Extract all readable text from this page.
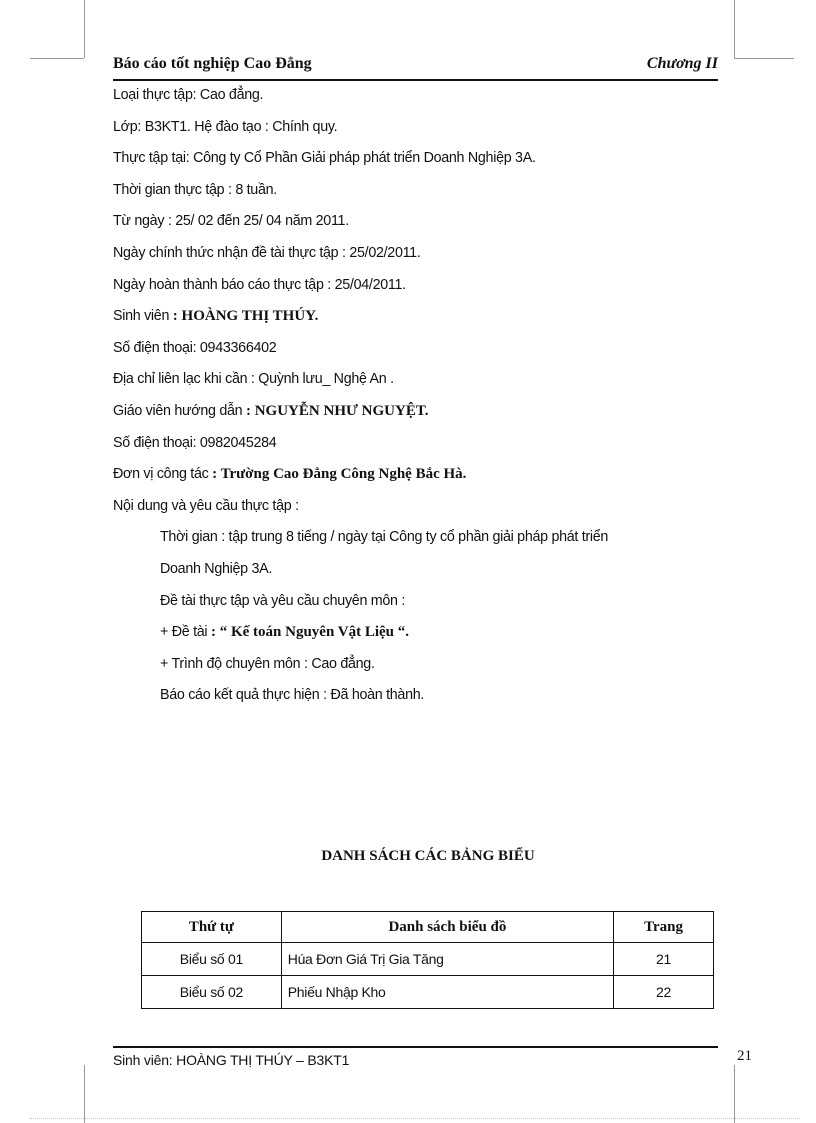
Báo cáo tốt nghiệp Cao Đẳng	Chương II
Loại thực tập: Cao đẳng.
Lớp: B3KT1. Hệ đào tạo : Chính quy.
Thực tập tại: Công ty Cổ Phần Giải pháp phát triển Doanh Nghiệp 3A.
Thời gian thực tập : 8 tuần.
Từ ngày : 25/ 02 đến 25/ 04 năm 2011.
Ngày chính thức nhận đề tài thực tập : 25/02/2011.
Ngày hoàn thành báo cáo thực tập : 25/04/2011.
Sinh viên : HOÀNG THỊ THÚY.
Số điện thoại: 0943366402
Địa chỉ liên lạc khi cần : Quỳnh lưu_ Nghệ An .
Giáo viên hướng dẫn : NGUYỄN NHƯ NGUYỆT.
Số điện thoại: 0982045284
Đơn vị công tác : Trường Cao Đẳng Công Nghệ Bắc Hà.
Nội dung và yêu cầu thực tập :
Thời gian : tập trung 8 tiếng / ngày tại Công ty cổ phần giải pháp phát triển
Doanh Nghiệp 3A.
Đề tài thực tập và yêu cầu chuyên môn :
+ Đề tài : “ Kế toán Nguyên Vật Liệu “.
+ Trình độ chuyên môn : Cao đẳng.
Báo cáo kết quả thực hiện : Đã hoàn thành.
DANH SÁCH CÁC BẢNG BIỂU
Thứ tự	Danh sách biểu đồ	Trang
Biểu số 01	Húa Đơn Giá Trị Gia Tăng	21
Biểu số 02	Phiếu Nhập Kho	22
Sinh viên: HOÀNG THỊ THÚY – B3KT1	21
